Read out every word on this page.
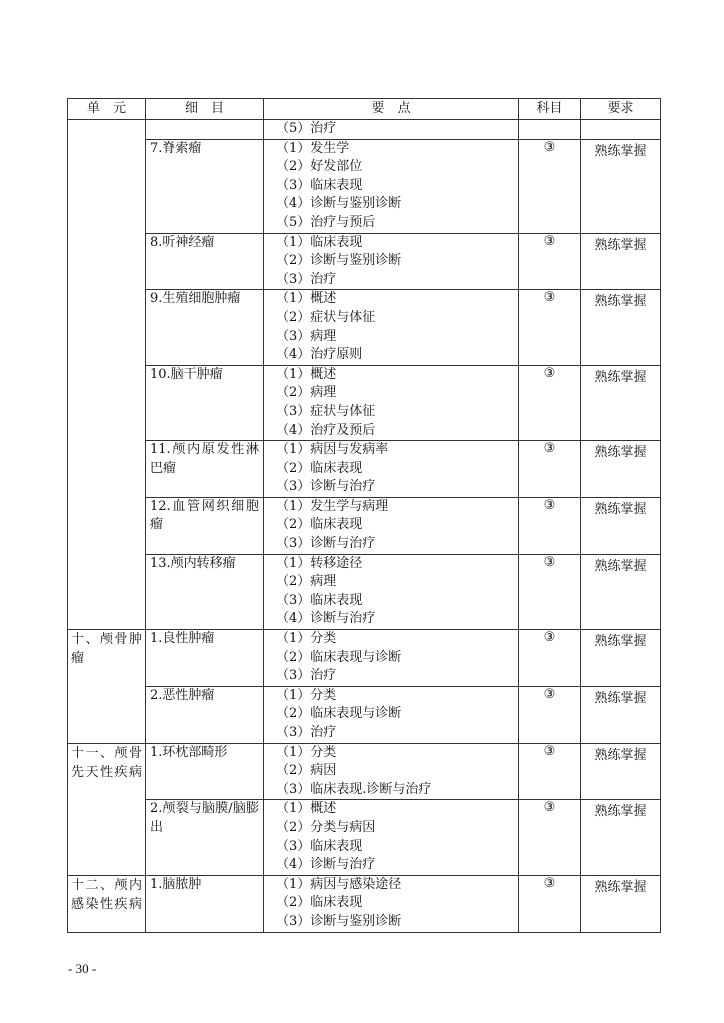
单　元	细　目	要　点	科目	要求

		（5）治疗		

	7.脊索瘤	（1）发生学
（2）好发部位
（3）临床表现
（4）诊断与鉴别诊断
（5）治疗与预后	③	熟练掌握

	8.听神经瘤	（1）临床表现
（2）诊断与鉴别诊断
（3）治疗	③	熟练掌握

	9.生殖细胞肿瘤	（1）概述
（2）症状与体征
（3）病理
（4）治疗原则	③	熟练掌握

	10.脑干肿瘤	（1）概述
（2）病理
（3）症状与体征
（4）治疗及预后	③	熟练掌握

	11.颅内原发性淋巴瘤	（1）病因与发病率
（2）临床表现
（3）诊断与治疗	③	熟练掌握

	12.血管网织细胞瘤	（1）发生学与病理
（2）临床表现
（3）诊断与治疗	③	熟练掌握

	13.颅内转移瘤	（1）转移途径
（2）病理
（3）临床表现
（4）诊断与治疗	③	熟练掌握

十、颅骨肿瘤	1.良性肿瘤	（1）分类
（2）临床表现与诊断
（3）治疗	③	熟练掌握

	2.恶性肿瘤	（1）分类
（2）临床表现与诊断
（3）治疗	③	熟练掌握

十一、颅骨先天性疾病	1.环枕部畸形	（1）分类
（2）病因
（3）临床表现.诊断与治疗	③	熟练掌握

	2.颅裂与脑膜/脑膨出	（1）概述
（2）分类与病因
（3）临床表现
（4）诊断与治疗	③	熟练掌握

十二、颅内感染性疾病	1.脑脓肿	（1）病因与感染途径
（2）临床表现
（3）诊断与鉴别诊断	③	熟练掌握
- 30 -
